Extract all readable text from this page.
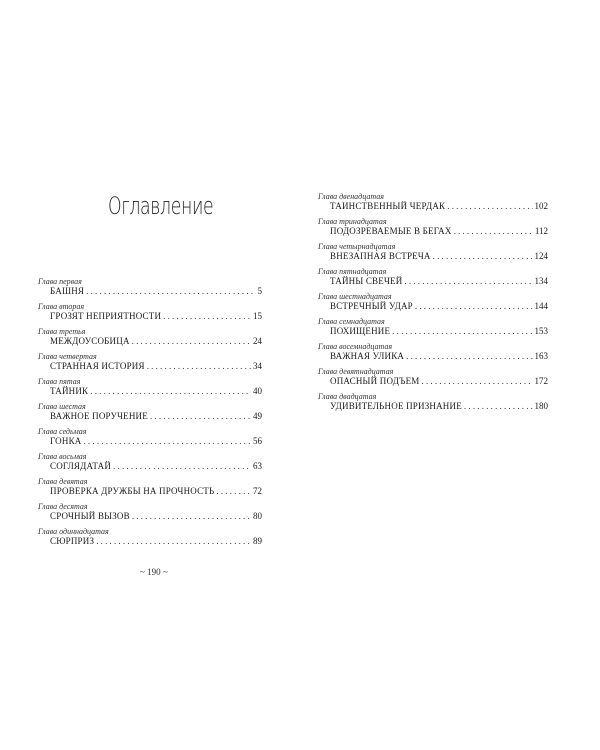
Оглавление
Глава первая
БАШНЯ .....	5
Глава вторая
ГРОЗЯТ НЕПРИЯТНОСТИ .....	15
Глава третья
МЕЖДОУСОБИЦА .....	24
Глава четвертая
СТРАННАЯ ИСТОРИЯ .....	34
Глава пятая
ТАЙНИК .....	40
Глава шестая
ВАЖНОЕ ПОРУЧЕНИЕ .....	49
Глава седьмая
ГОНКА .....	56
Глава восьмая
СОГЛЯДАТАЙ .....	63
Глава девятая
ПРОВЕРКА ДРУЖБЫ НА ПРОЧНОСТЬ .....	72
Глава десятая
СРОЧНЫЙ ВЫЗОВ .....	80
Глава одиннадцатая
СЮРПРИЗ .....	89
Глава двенадцатая
ТАИНСТВЕННЫЙ ЧЕРДАК .....	102
Глава тринадцатая
ПОДОЗРЕВАЕМЫЕ В БЕГАХ .....	112
Глава четырнадцатая
ВНЕЗАПНАЯ ВСТРЕЧА .....	124
Глава пятнадцатая
ТАЙНЫ СВЕЧЕЙ .....	134
Глава шестнадцатая
ВСТРЕЧНЫЙ УДАР .....	144
Глава семнадцатая
ПОХИЩЕНИЕ .....	153
Глава восемнадцатая
ВАЖНАЯ УЛИКА .....	163
Глава девятнадцатая
ОПАСНЫЙ ПОДЪЕМ .....	172
Глава двадцатая
УДИВИТЕЛЬНОЕ ПРИЗНАНИЕ .....	180
~ 190 ~
